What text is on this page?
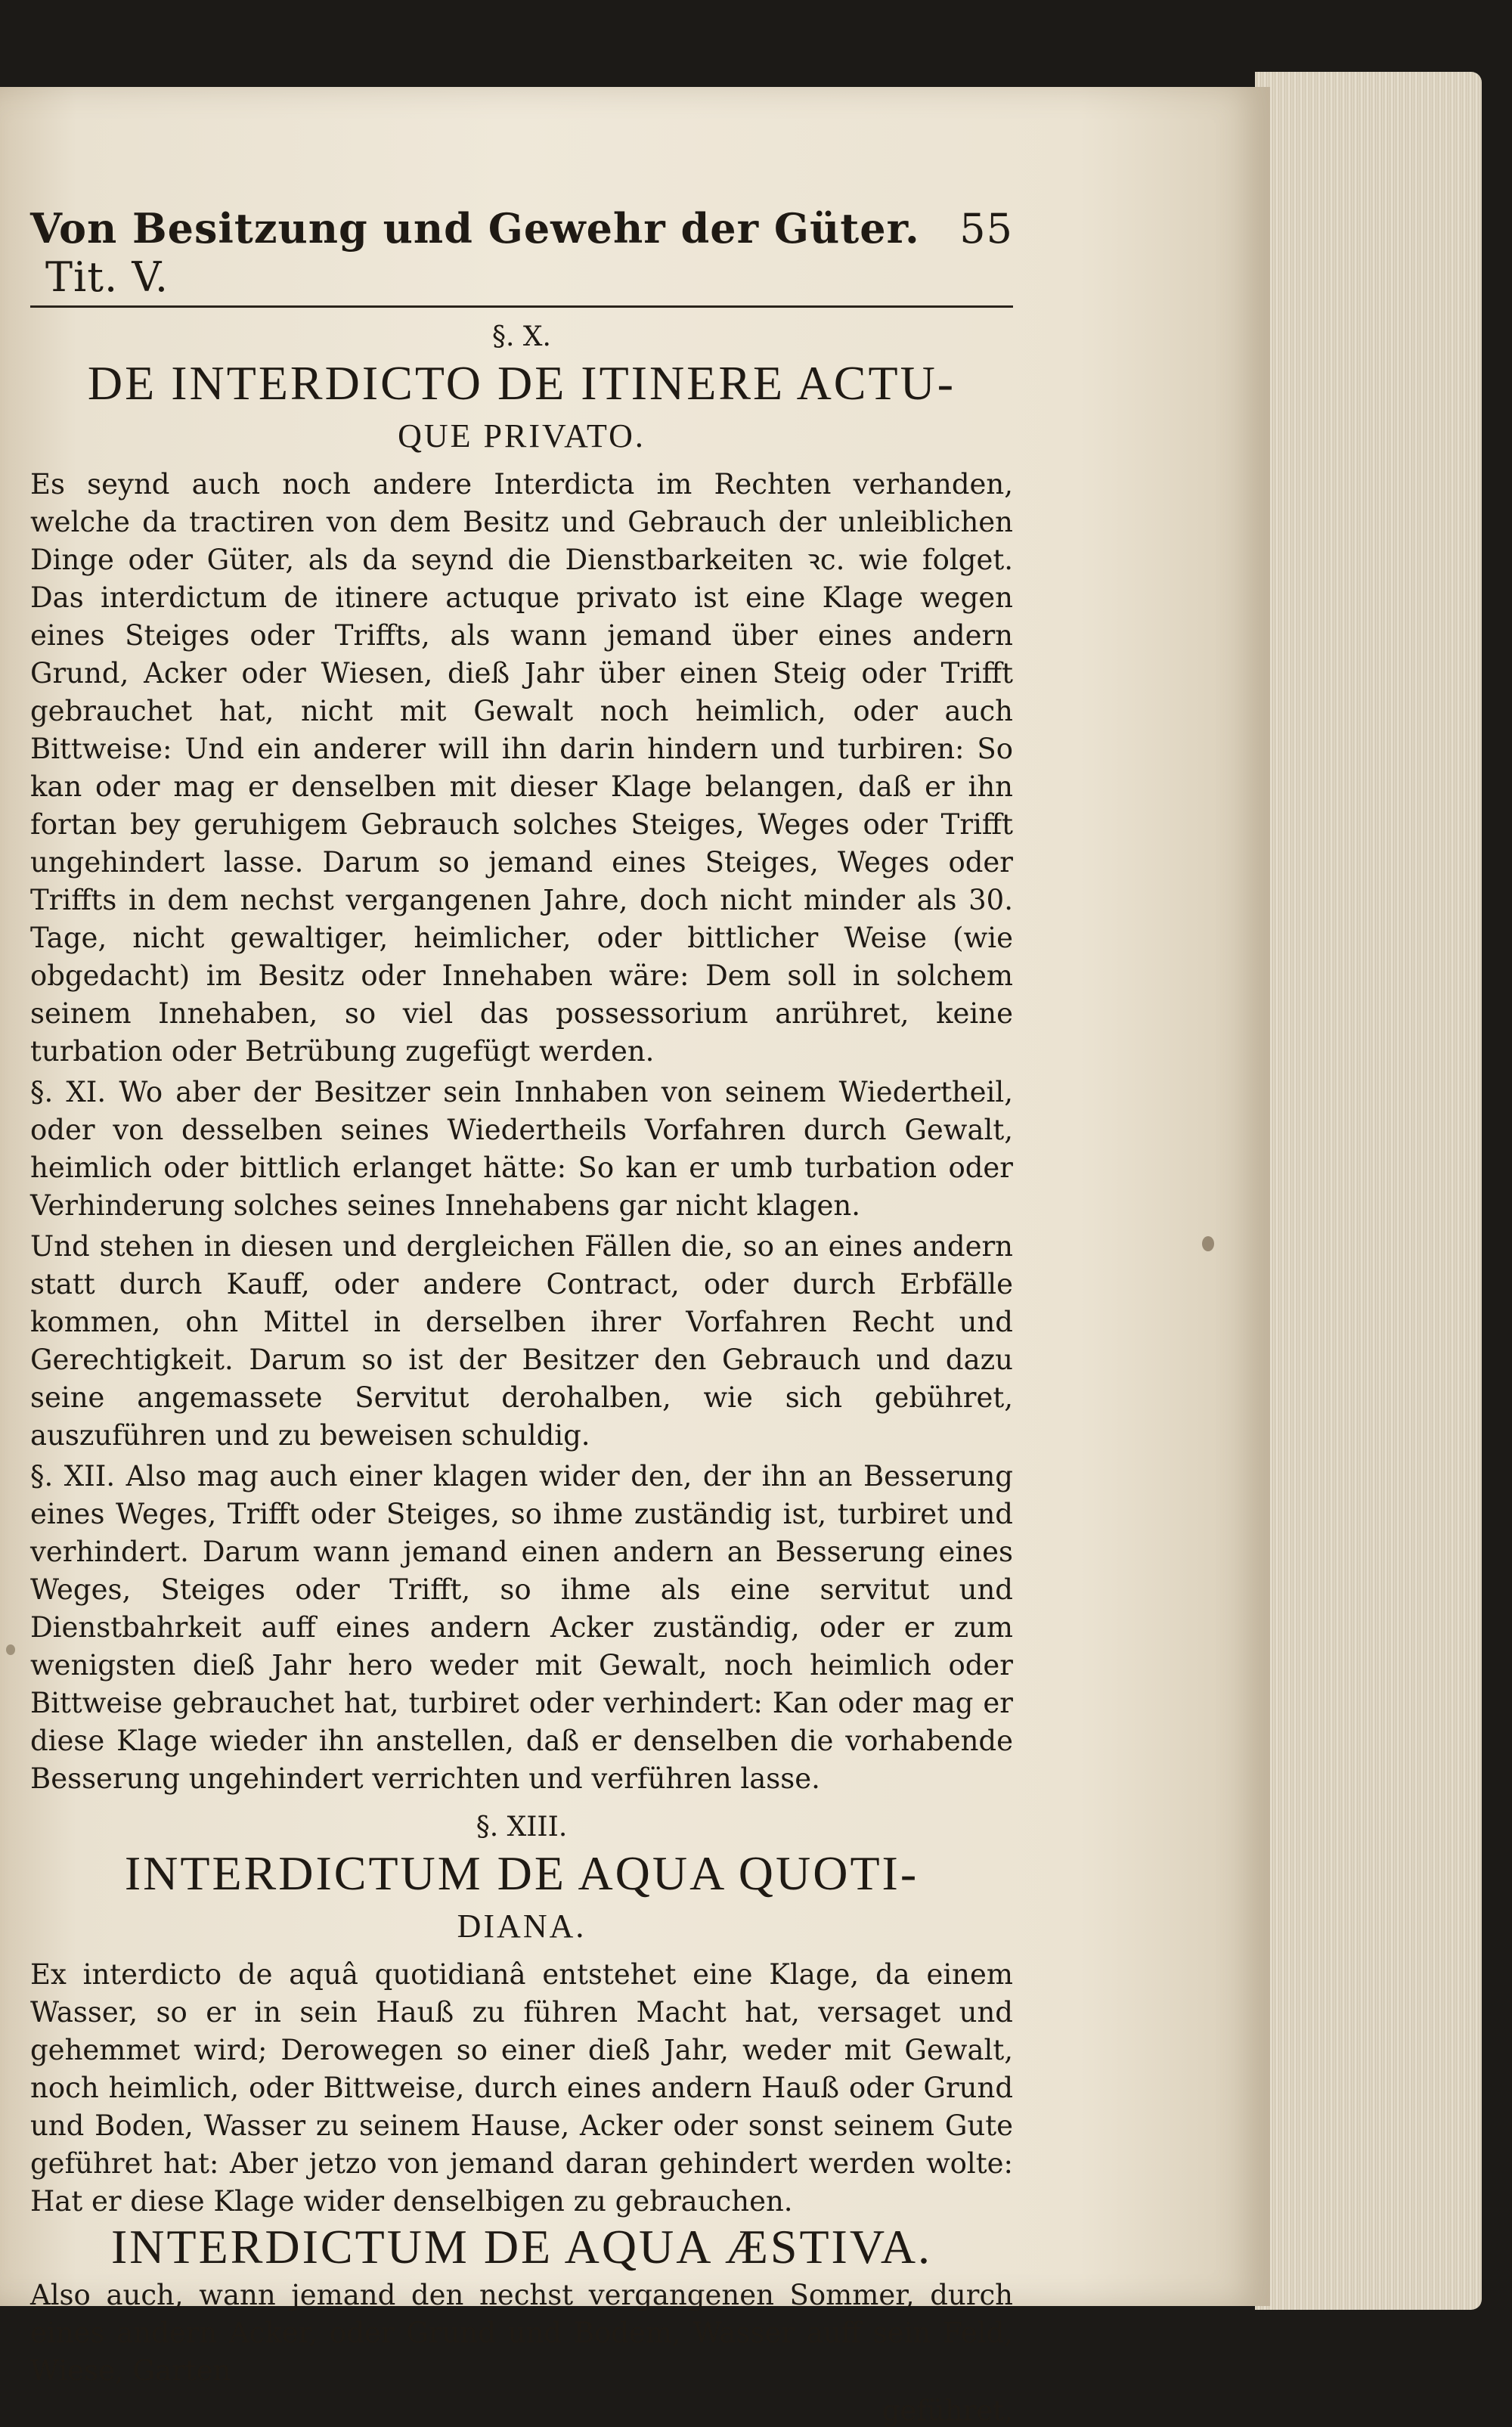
Von Besitzung und Gewehr der Güter. Tit. V.
55
§. X.

DE INTERDICTO DE ITINERE ACTU-

QUE PRIVATO.

Es seynd auch noch andere Interdicta im Rechten verhanden, welche da tractiren von dem Besitz und Gebrauch der unleiblichen Dinge oder Güter, als da seynd die Dienstbarkeiten ꝛc. wie folget. Das interdictum de itinere actuque privato ist eine Klage wegen eines Steiges oder Triffts, als wann jemand über eines andern Grund, Acker oder Wiesen, dieß Jahr über einen Steig oder Trifft gebrauchet hat, nicht mit Gewalt noch heimlich, oder auch Bittweise: Und ein anderer will ihn darin hindern und turbiren: So kan oder mag er denselben mit dieser Klage belangen, daß er ihn fortan bey geruhigem Gebrauch solches Steiges, Weges oder Trifft ungehindert lasse. Darum so jemand eines Steiges, Weges oder Triffts in dem nechst vergangenen Jahre, doch nicht minder als 30. Tage, nicht gewaltiger, heimlicher, oder bittlicher Weise (wie obgedacht) im Besitz oder Innehaben wäre: Dem soll in solchem seinem Innehaben, so viel das possessorium anrühret, keine turbation oder Betrübung zugefügt werden.

§. XI. Wo aber der Besitzer sein Innhaben von seinem Wiedertheil, oder von desselben seines Wiedertheils Vorfahren durch Gewalt, heimlich oder bittlich erlanget hätte: So kan er umb turbation oder Verhinderung solches seines Innehabens gar nicht klagen.

Und stehen in diesen und dergleichen Fällen die, so an eines andern statt durch Kauff, oder andere Contract, oder durch Erbfälle kommen, ohn Mittel in derselben ihrer Vorfahren Recht und Gerechtigkeit. Darum so ist der Besitzer den Gebrauch und dazu seine angemassete Servitut derohalben, wie sich gebühret, auszuführen und zu beweisen schuldig.

§. XII. Also mag auch einer klagen wider den, der ihn an Besserung eines Weges, Trifft oder Steiges, so ihme zuständig ist, turbiret und verhindert. Darum wann jemand einen andern an Besserung eines Weges, Steiges oder Trifft, so ihme als eine servitut und Dienstbahrkeit auff eines andern Acker zuständig, oder er zum wenigsten dieß Jahr hero weder mit Gewalt, noch heimlich oder Bittweise gebrauchet hat, turbiret oder verhindert: Kan oder mag er diese Klage wieder ihn anstellen, daß er denselben die vorhabende Besserung ungehindert verrichten und verführen lasse.

§. XIII.

INTERDICTUM DE AQUA QUOTI-

DIANA.

Ex interdicto de aquâ quotidianâ entstehet eine Klage, da einem Wasser, so er in sein Hauß zu führen Macht hat, versaget und gehemmet wird; Derowegen so einer dieß Jahr, weder mit Gewalt, noch heimlich, oder Bittweise, durch eines andern Hauß oder Grund und Boden, Wasser zu seinem Hause, Acker oder sonst seinem Gute geführet hat: Aber jetzo von jemand daran gehindert werden wolte: Hat er diese Klage wider denselbigen zu gebrauchen.

INTERDICTUM DE AQUA ÆSTIVA.

Also auch, wann jemand den nechst vergangenen Sommer, durch eines andern Acker, oder Grund und Bodem, Wasser auff sein Feld, Wiese, Garten

geführet,
